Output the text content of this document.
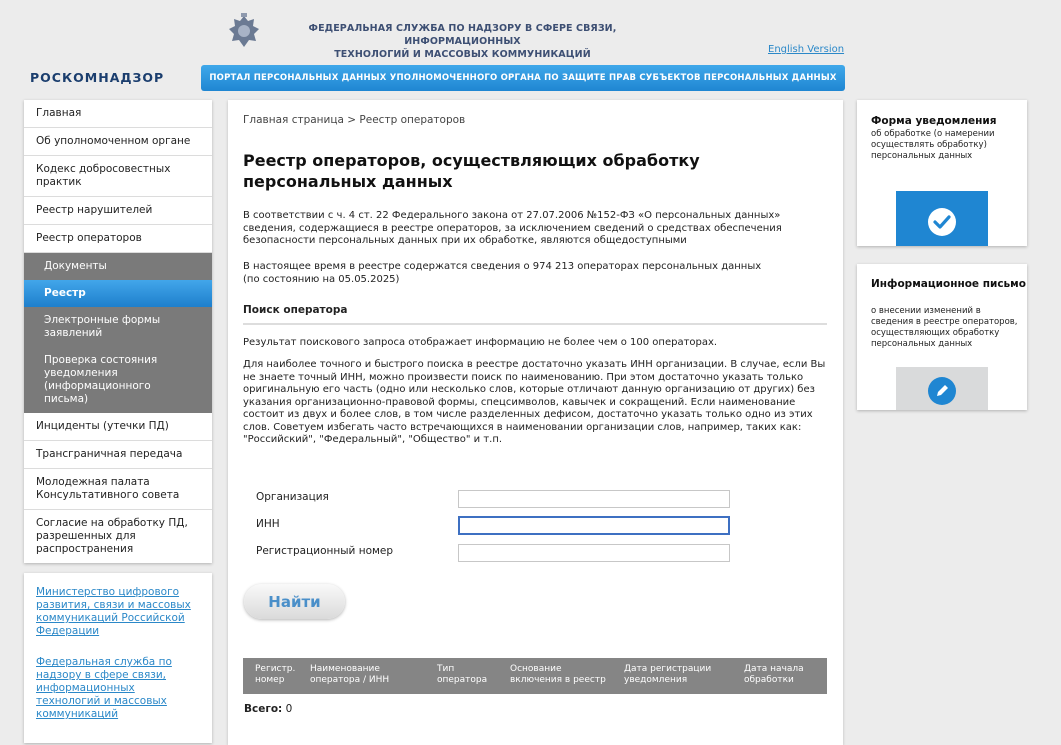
ФЕДЕРАЛЬНАЯ СЛУЖБА ПО НАДЗОРУ В СФЕРЕ СВЯЗИ, ИНФОРМАЦИОННЫХ
ТЕХНОЛОГИЙ И МАССОВЫХ КОММУНИКАЦИЙ	English Version
РОСКОМНАДЗОР	ПОРТАЛ ПЕРСОНАЛЬНЫХ ДАННЫХ УПОЛНОМОЧЕННОГО ОРГАНА ПО ЗАЩИТЕ ПРАВ СУБЪЕКТОВ ПЕРСОНАЛЬНЫХ ДАННЫХ
Главная
Об уполномоченном органе
Кодекс добросовестных практик
Реестр нарушителей
Реестр операторов
Документы
Реестр
Электронные формы заявлений
Проверка состояния уведомления (информационного письма)
Инциденты (утечки ПД)
Трансграничная передача
Молодежная палата Консультативного совета
Согласие на обработку ПД, разрешенных для распространения
Министерство цифрового развития, связи и массовых коммуникаций Российской Федерации
Федеральная служба по надзору в сфере связи, информационных технологий и массовых коммуникаций
Главная страница > Реестр операторов
Реестр операторов, осуществляющих обработку персональных данных

В соответствии с ч. 4 ст. 22 Федерального закона от 27.07.2006 №152-ФЗ «О персональных данных» сведения, содержащиеся в реестре операторов, за исключением сведений о средствах обеспечения безопасности персональных данных при их обработке, являются общедоступными

В настоящее время в реестре содержатся сведения о 974 213 операторах персональных данных
(по состоянию на 05.05.2025)
Поиск оператора

Результат поискового запроса отображает информацию не более чем о 100 операторах.

Для наиболее точного и быстрого поиска в реестре достаточно указать ИНН организации. В случае, если Вы не знаете точный ИНН, можно произвести поиск по наименованию. При этом достаточно указать только оригинальную его часть (одно или несколько слов, которые отличают данную организацию от других) без указания организационно-правовой формы, спецсимволов, кавычек и сокращений. Если наименование состоит из двух и более слов, в том числе разделенных дефисом, достаточно указать только одно из этих слов. Советуем избегать часто встречающихся в наименовании организации слов, например, таких как: "Российский", "Федеральный", "Общество" и т.п.

Организация
ИНН
Регистрационный номер
Найти
Регистр. номер
Наименование оператора / ИНН
Тип оператора
Основание включения в реестр
Дата регистрации уведомления
Дата начала обработки
Всего: 0
Форма уведомления
об обработке (о намерении осуществлять обработку) персональных данных
Информационное письмо
о внесении изменений в сведения в реестре операторов, осуществляющих обработку персональных данных
